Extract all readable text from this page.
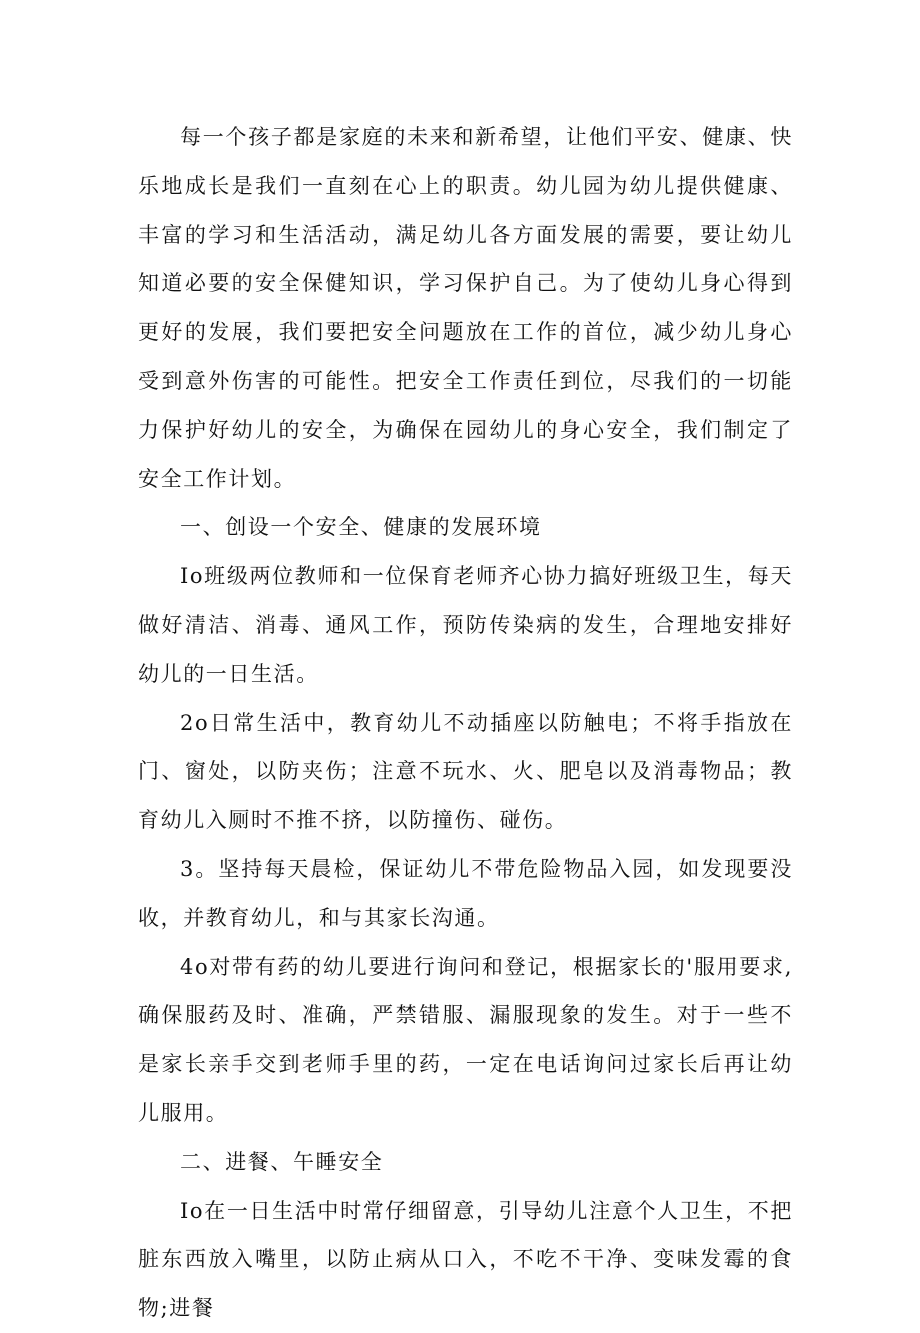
每一个孩子都是家庭的未来和新希望，让他们平安、健康、快乐地成长是我们一直刻在心上的职责。幼儿园为幼儿提供健康、丰富的学习和生活活动，满足幼儿各方面发展的需要，要让幼儿知道必要的安全保健知识，学习保护自己。为了使幼儿身心得到更好的发展，我们要把安全问题放在工作的首位，减少幼儿身心受到意外伤害的可能性。把安全工作责任到位，尽我们的一切能力保护好幼儿的安全，为确保在园幼儿的身心安全，我们制定了安全工作计划。

一、创设一个安全、健康的发展环境

Io班级两位教师和一位保育老师齐心协力搞好班级卫生，每天做好清洁、消毒、通风工作，预防传染病的发生，合理地安排好幼儿的一日生活。

2o日常生活中，教育幼儿不动插座以防触电；不将手指放在门、窗处，以防夹伤；注意不玩水、火、肥皂以及消毒物品；教育幼儿入厕时不推不挤，以防撞伤、碰伤。

3。坚持每天晨检，保证幼儿不带危险物品入园，如发现要没收，并教育幼儿，和与其家长沟通。

4o对带有药的幼儿要进行询问和登记，根据家长的'服用要求,确保服药及时、准确，严禁错服、漏服现象的发生。对于一些不是家长亲手交到老师手里的药，一定在电话询问过家长后再让幼儿服用。

二、进餐、午睡安全

Io在一日生活中时常仔细留意，引导幼儿注意个人卫生，不把脏东西放入嘴里，以防止病从口入，不吃不干净、变味发霉的食物;进餐
